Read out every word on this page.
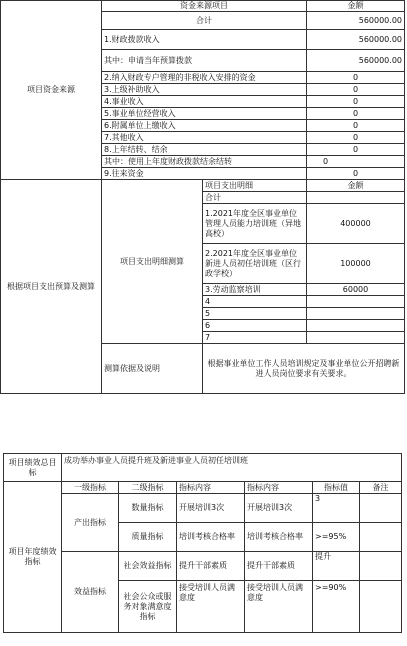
项目资金来源	资金来源项目		金额
	合计		560000.00
	1.财政拨款收入		560000.00
	其中：申请当年预算拨款		560000.00
	2.纳入财政专户管理的非税收入安排的资金		0
	3.上级补助收入		0
	4.事业收入		0
	5.事业单位经营收入		0
	6.附属单位上缴收入		0
	7.其他收入		0
	8.上年结转、结余		0
	其中：使用上年度财政拨款结余结转		0
	9.往来资金		0
根据项目支出预算及测算	项目支出明细测算	项目支出明细	金额
		合计	
		1.2021年度全区事业单位管理人员能力培训班（异地高校）	400000
		2.2021年度全区事业单位新进人员初任培训班（区行政学校）	100000
		3.劳动监察培训	60000
		4	
		5	
		6	
		7	
	测算依据及说明	根据事业单位工作人员培训规定及事业单位公开招聘新进人员岗位要求有关要求。	
项目绩效总目标	成功举办事业人员提升班及新进事业人员初任培训班					
项目年度绩效指标	一级指标	二级指标	指标内容	指标内容	指标值	备注
	产出指标	数量指标	开展培训3次	开展培训3次	3	
		质量指标	培训考核合格率	培训考核合格率	>=95%	
	效益指标	社会效益指标	提升干部素质	提升干部素质	提升	
		社会公众或服务对象满意度指标	接受培训人员满意度	接受培训人员满意度	>=90%	
